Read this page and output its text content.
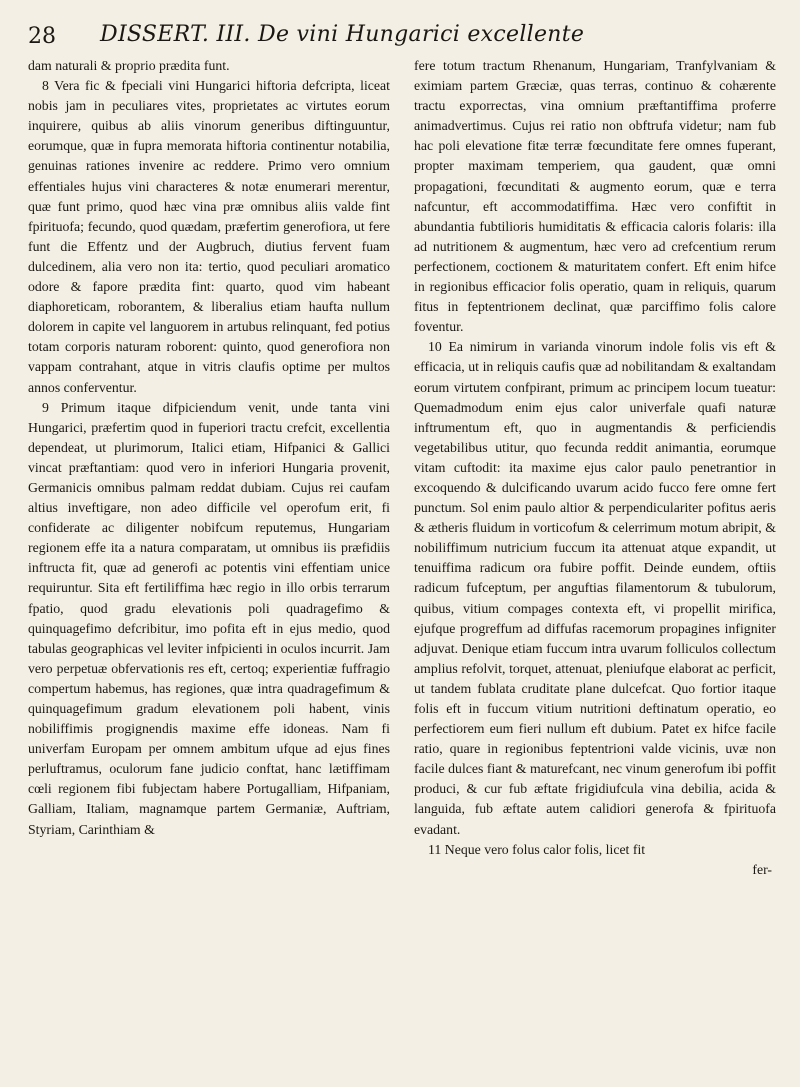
28 DISSERT. III. De vini Hungarici excellente

dam naturali & proprio prædita funt.

8 Vera fic & fpeciali vini Hungarici hiftoria defcripta, liceat nobis jam in peculiares vites, proprietates ac virtutes eorum inquirere, quibus ab aliis vinorum generibus diftinguuntur, eorumque, quæ in fupra memorata hiftoria continentur notabilia, genuinas rationes invenire ac reddere. Primo vero omnium effentiales hujus vini characteres & notæ enumerari merentur, quæ funt primo, quod hæc vina præ omnibus aliis valde fint fpirituofa; fecundo, quod quædam, præfertim generofiora, ut fere funt die Effentz und der Augbruch, diutius fervent fuam dulcedinem, alia vero non ita: tertio, quod peculiari aromatico odore & fapore prædita fint: quarto, quod vim habeant diaphoreticam, roborantem, & liberalius etiam haufta nullum dolorem in capite vel languorem in artubus relinquant, fed potius totam corporis naturam roborent: quinto, quod generofiora non vappam contrahant, atque in vitris claufis optime per multos annos conferventur.

9 Primum itaque difpiciendum venit, unde tanta vini Hungarici, præfertim quod in fuperiori tractu crefcit, excellentia dependeat, ut plurimorum, Italici etiam, Hifpanici & Gallici vincat præftantiam: quod vero in inferiori Hungaria provenit, Germanicis omnibus palmam reddat dubiam. Cujus rei caufam altius inveftigare, non adeo difficile vel operofum erit, fi confiderate ac diligenter nobifcum reputemus, Hungariam regionem effe ita a natura comparatam, ut omnibus iis præfidiis inftructa fit, quæ ad generofi ac potentis vini effentiam unice requiruntur. Sita eft fertiliffima hæc regio in illo orbis terrarum fpatio, quod gradu elevationis poli quadragefimo & quinquagefimo defcribitur, imo pofita eft in ejus medio, quod tabulas geographicas vel leviter infpicienti in oculos incurrit. Jam vero perpetuæ obfervationis res eft, certoq; experientiæ fuffragio compertum habemus, has regiones, quæ intra quadragefimum & quinquagefimum gradum elevationem poli habent, vinis nobiliffimis progignendis maxime effe idoneas. Nam fi univerfam Europam per omnem ambitum ufque ad ejus fines perluftramus, oculorum fane judicio conftat, hanc lætiffimam cœli regionem fibi fubjectam habere Portugalliam, Hifpaniam, Galliam, Italiam, magnamque partem Germaniæ, Auftriam, Styriam, Carinthiam &

fere totum tractum Rhenanum, Hungariam, Tranfylvaniam & eximiam partem Græciæ, quas terras, continuo & cohærente tractu exporrectas, vina omnium præftantiffima proferre animadvertimus. Cujus rei ratio non obftrufa videtur; nam fub hac poli elevatione fitæ terræ fœcunditate fere omnes fuperant, propter maximam temperiem, qua gaudent, quæ omni propagationi, fœcunditati & augmento eorum, quæ e terra nafcuntur, eft accommodatiffima. Hæc vero confiftit in abundantia fubtilioris humiditatis & efficacia caloris folaris: illa ad nutritionem & augmentum, hæc vero ad crefcentium rerum perfectionem, coctionem & maturitatem confert. Eft enim hifce in regionibus efficacior folis operatio, quam in reliquis, quarum fitus in feptentrionem declinat, quæ parciffimo folis calore foventur.

10 Ea nimirum in varianda vinorum indole folis vis eft & efficacia, ut in reliquis caufis quæ ad nobilitandam & exaltandam eorum virtutem confpirant, primum ac principem locum tueatur: Quemadmodum enim ejus calor univerfale quafi naturæ inftrumentum eft, quo in augmentandis & perficiendis vegetabilibus utitur, quo fecunda reddit animantia, eorumque vitam cuftodit: ita maxime ejus calor paulo penetrantior in excoquendo & dulcificando uvarum acido fucco fere omne fert punctum. Sol enim paulo altior & perpendiculariter pofitus aeris & ætheris fluidum in vorticofum & celerrimum motum abripit, & nobiliffimum nutricium fuccum ita attenuat atque expandit, ut tenuiffima radicum ora fubire poffit. Deinde eundem, oftiis radicum fufceptum, per anguftias filamentorum & tubulorum, quibus, vitium compages contexta eft, vi propellit mirifica, ejufque progreffum ad diffufas racemorum propagines infigniter adjuvat. Denique etiam fuccum intra uvarum folliculos collectum amplius refolvit, torquet, attenuat, pleniufque elaborat ac perficit, ut tandem fublata cruditate plane dulcefcat. Quo fortior itaque folis eft in fuccum vitium nutritioni deftinatum operatio, eo perfectiorem eum fieri nullum eft dubium. Patet ex hifce facile ratio, quare in regionibus feptentrioni valde vicinis, uvæ non facile dulces fiant & maturefcant, nec vinum generofum ibi poffit produci, & cur fub æftate frigidiufcula vina debilia, acida & languida, fub æftate autem calidiori generofa & fpirituofa evadant.

11 Neque vero folus calor folis, licet fit

fer-
